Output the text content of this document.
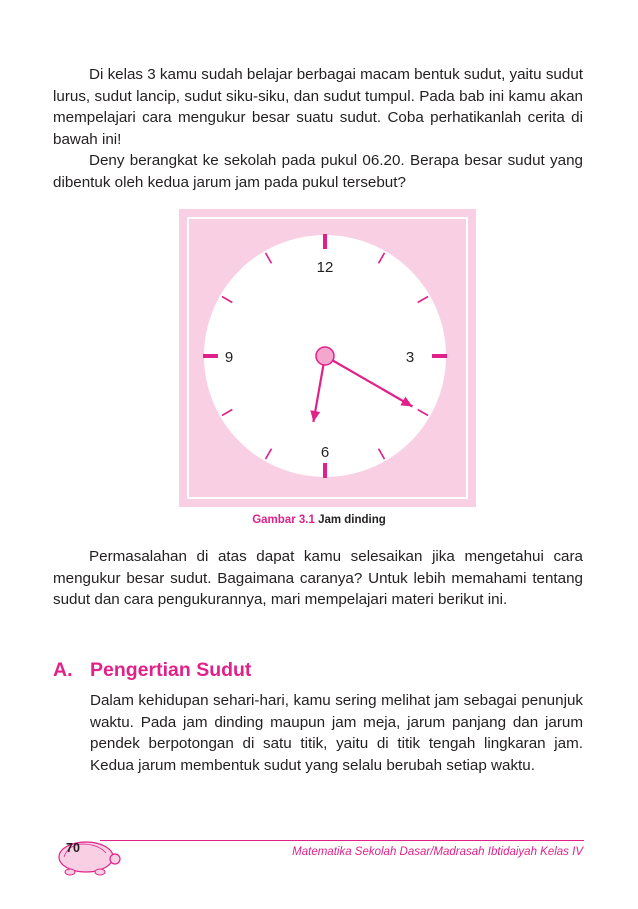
Di kelas 3 kamu sudah belajar berbagai macam bentuk sudut, yaitu sudut lurus, sudut lancip, sudut siku-siku, dan sudut tumpul. Pada bab ini kamu akan mempelajari cara mengukur besar suatu sudut. Coba perhatikanlah cerita di bawah ini!

Deny berangkat ke sekolah pada pukul 06.20. Berapa besar sudut yang dibentuk oleh kedua jarum jam pada pukul tersebut?

12
3
6
9
Gambar 3.1 Jam dinding

Permasalahan di atas dapat kamu selesaikan jika mengetahui cara mengukur besar sudut. Bagaimana caranya? Untuk lebih memahami tentang sudut dan cara pengukurannya, mari mempelajari materi berikut ini.

A. Pengertian Sudut

Dalam kehidupan sehari-hari, kamu sering melihat jam sebagai penunjuk waktu. Pada jam dinding maupun jam meja, jarum panjang dan jarum pendek berpotongan di satu titik, yaitu di titik tengah lingkaran jam. Kedua jarum membentuk sudut yang selalu berubah setiap waktu.

70	Matematika Sekolah Dasar/Madrasah Ibtidaiyah Kelas IV
